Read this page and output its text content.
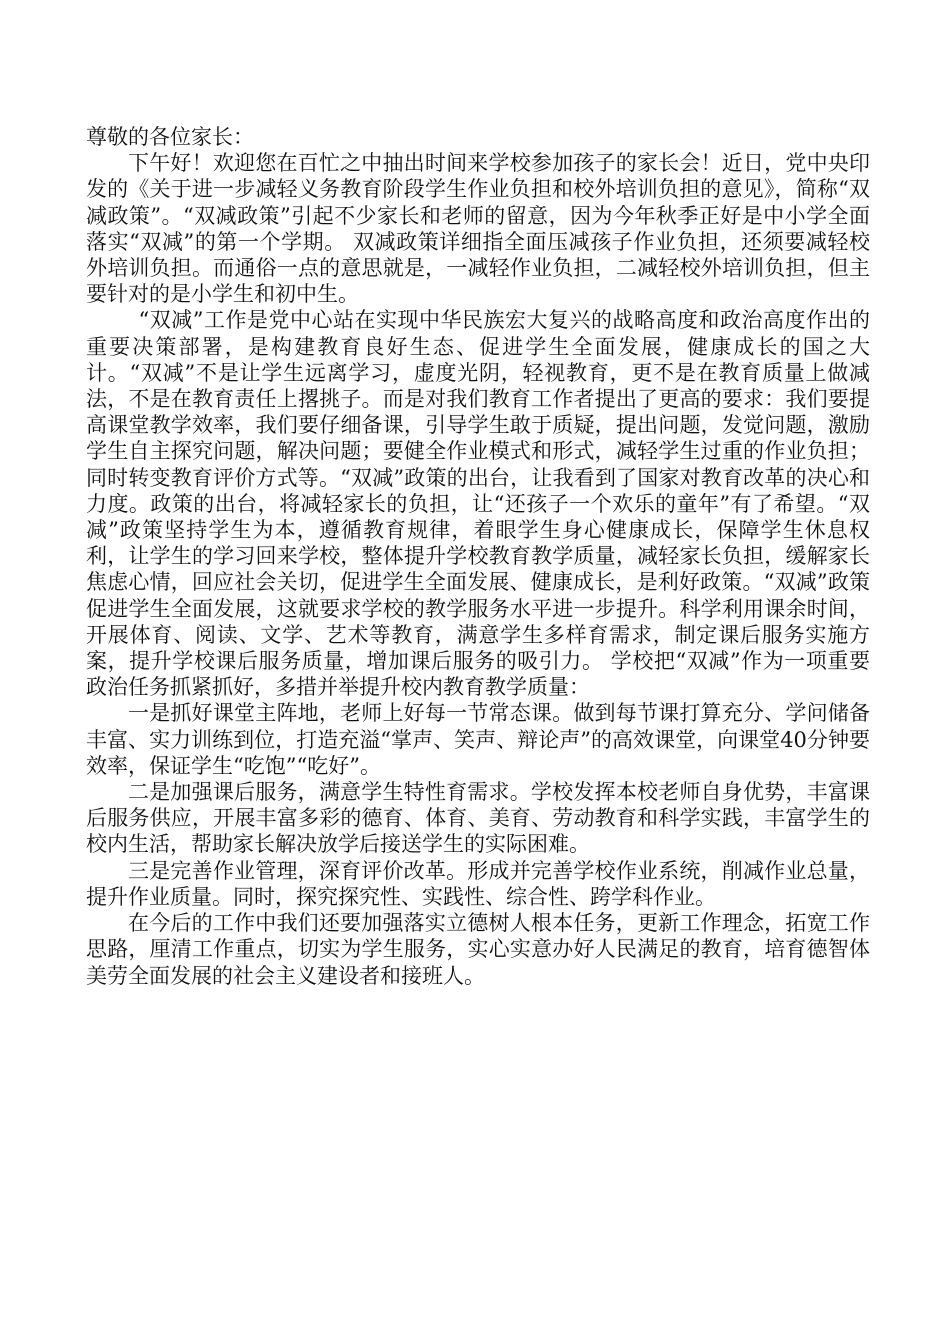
尊敬的各位家长：

下午好！欢迎您在百忙之中抽出时间来学校参加孩子的家长会！近日，党中央印发的《关于进一步减轻义务教育阶段学生作业负担和校外培训负担的意见》，简称“双减政策”。“双减政策”引起不少家长和老师的留意，因为今年秋季正好是中小学全面落实“双减”的第一个学期。 双减政策详细指全面压减孩子作业负担，还须要减轻校外培训负担。而通俗一点的意思就是，一减轻作业负担，二减轻校外培训负担，但主要针对的是小学生和初中生。

“双减”工作是党中心站在实现中华民族宏大复兴的战略高度和政治高度作出的重要决策部署，是构建教育良好生态、促进学生全面发展，健康成长的国之大计。“双减”不是让学生远离学习，虚度光阴，轻视教育，更不是在教育质量上做减法，不是在教育责任上撂挑子。而是对我们教育工作者提出了更高的要求：我们要提高课堂教学效率，我们要仔细备课，引导学生敢于质疑，提出问题，发觉问题，激励学生自主探究问题，解决问题；要健全作业模式和形式，减轻学生过重的作业负担；同时转变教育评价方式等。“双减”政策的出台，让我看到了国家对教育改革的决心和力度。政策的出台，将减轻家长的负担，让“还孩子一个欢乐的童年”有了希望。“双减”政策坚持学生为本，遵循教育规律，着眼学生身心健康成长，保障学生休息权利，让学生的学习回来学校，整体提升学校教育教学质量，减轻家长负担，缓解家长焦虑心情，回应社会关切，促进学生全面发展、健康成长，是利好政策。“双减”政策促进学生全面发展，这就要求学校的教学服务水平进一步提升。科学利用课余时间，开展体育、阅读、文学、艺术等教育，满意学生多样育需求，制定课后服务实施方案，提升学校课后服务质量，增加课后服务的吸引力。 学校把“双减”作为一项重要政治任务抓紧抓好，多措并举提升校内教育教学质量：

一是抓好课堂主阵地，老师上好每一节常态课。做到每节课打算充分、学问储备丰富、实力训练到位，打造充溢“掌声、笑声、辩论声”的高效课堂，向课堂40分钟要效率，保证学生“吃饱”“吃好”。

二是加强课后服务，满意学生特性育需求。学校发挥本校老师自身优势，丰富课后服务供应，开展丰富多彩的德育、体育、美育、劳动教育和科学实践，丰富学生的校内生活，帮助家长解决放学后接送学生的实际困难。

三是完善作业管理，深育评价改革。形成并完善学校作业系统，削减作业总量，提升作业质量。同时，探究探究性、实践性、综合性、跨学科作业。

在今后的工作中我们还要加强落实立德树人根本任务，更新工作理念，拓宽工作思路，厘清工作重点，切实为学生服务，实心实意办好人民满足的教育，培育德智体美劳全面发展的社会主义建设者和接班人。
